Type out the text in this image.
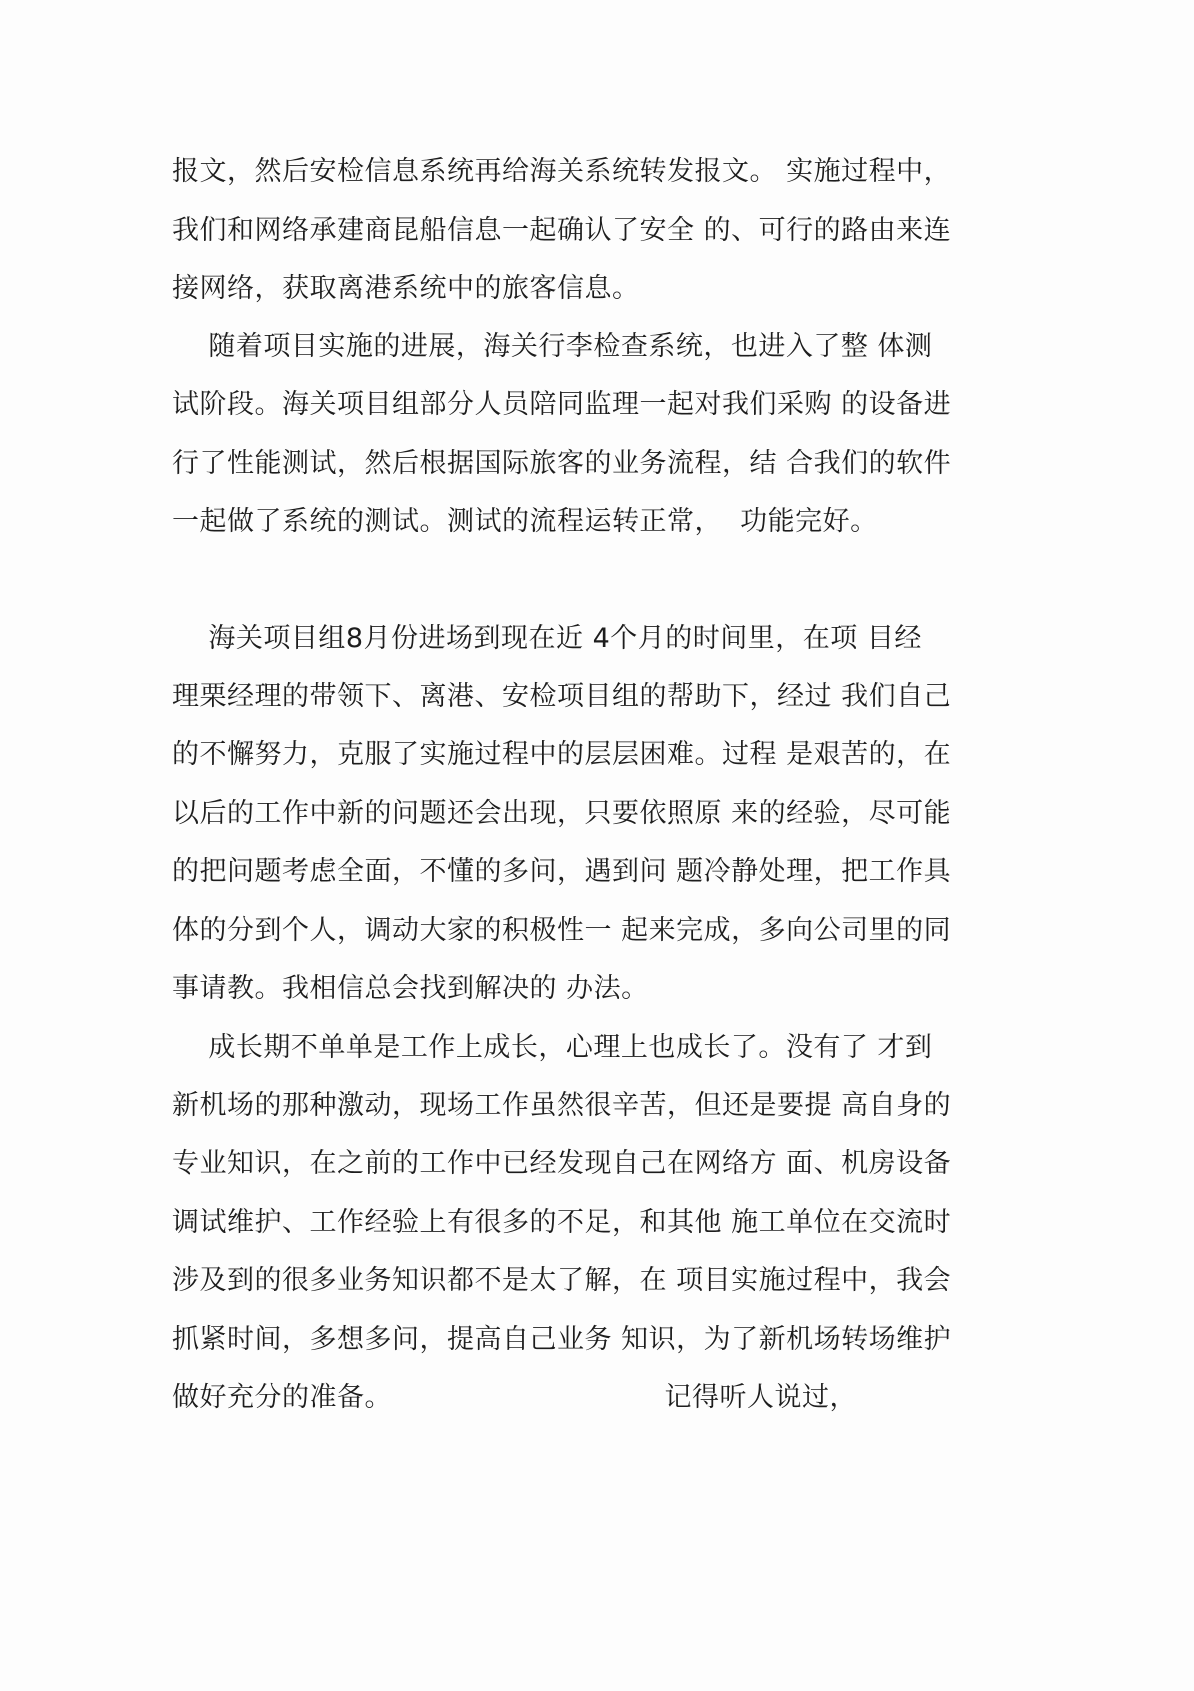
报文，然后安检信息系统再给海关系统转发报文。 实施过程中，
我们和网络承建商昆船信息一起确认了安全 的、可行的路由来连
接网络，获取离港系统中的旅客信息。
随着项目实施的进展，海关行李检查系统，也进入了整 体测
试阶段。海关项目组部分人员陪同监理一起对我们采购 的设备进
行了性能测试，然后根据国际旅客的业务流程，结 合我们的软件
一起做了系统的测试。测试的流程运转正常，  功能完好。
海关项目组8月份进场到现在近 4个月的时间里，在项 目经
理栗经理的带领下、离港、安检项目组的帮助下，经过 我们自己
的不懈努力，克服了实施过程中的层层困难。过程 是艰苦的，在
以后的工作中新的问题还会出现，只要依照原 来的经验，尽可能
的把问题考虑全面，不懂的多问，遇到问 题冷静处理，把工作具
体的分到个人，调动大家的积极性一 起来完成，多向公司里的同
事请教。我相信总会找到解决的 办法。
成长期不单单是工作上成长，心理上也成长了。没有了 才到
新机场的那种激动，现场工作虽然很辛苦，但还是要提 高自身的
专业知识，在之前的工作中已经发现自己在网络方 面、机房设备
调试维护、工作经验上有很多的不足，和其他 施工单位在交流时
涉及到的很多业务知识都不是太了解，在 项目实施过程中，我会
抓紧时间，多想多问，提高自己业务 知识，为了新机场转场维护
做好充分的准备。                              记得听人说过，
